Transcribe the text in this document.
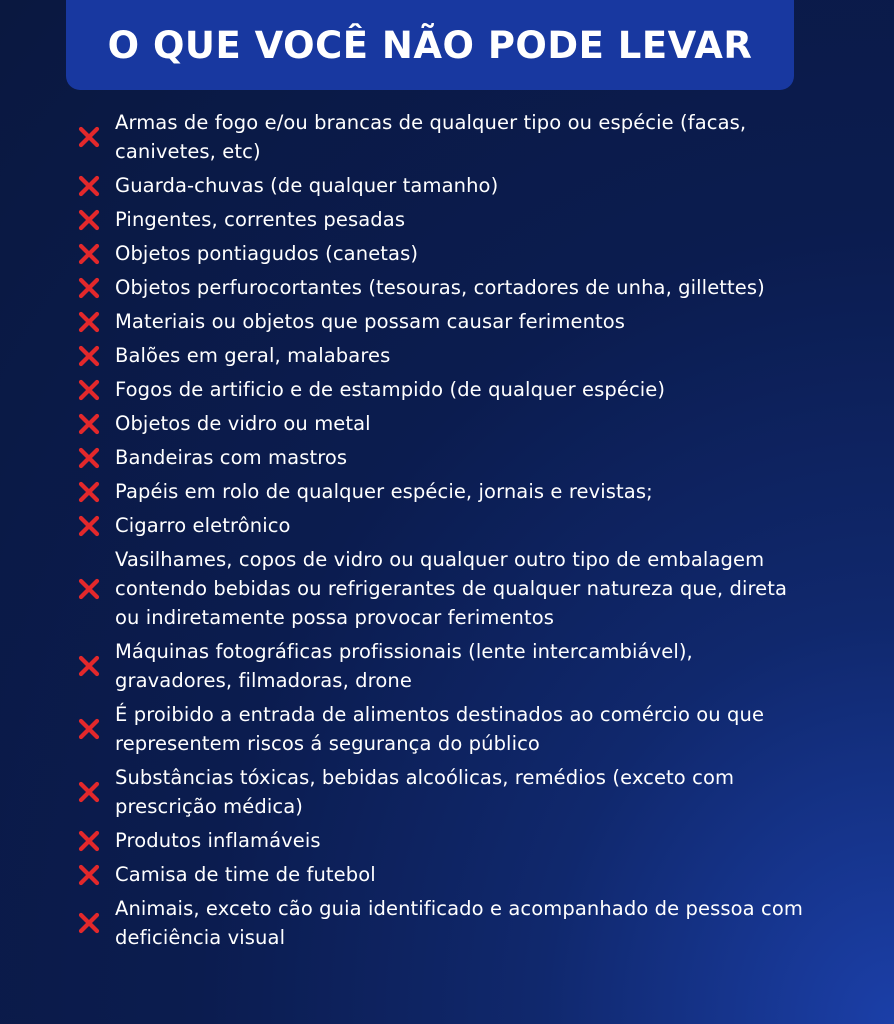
O QUE VOCÊ NÃO PODE LEVAR
Armas de fogo e/ou brancas de qualquer tipo ou espécie (facas, canivetes, etc)
Guarda-chuvas (de qualquer tamanho)
Pingentes, correntes pesadas
Objetos pontiagudos (canetas)
Objetos perfurocortantes (tesouras, cortadores de unha, gillettes)
Materiais ou objetos que possam causar ferimentos
Balões em geral, malabares
Fogos de artificio e de estampido (de qualquer espécie)
Objetos de vidro ou metal
Bandeiras com mastros
Papéis em rolo de qualquer espécie, jornais e revistas;
Cigarro eletrônico
Vasilhames, copos de vidro ou qualquer outro tipo de embalagem contendo bebidas ou refrigerantes de qualquer natureza que, direta ou indiretamente possa provocar ferimentos
Máquinas fotográficas profissionais (lente intercambiável), gravadores, filmadoras, drone
É proibido a entrada de alimentos destinados ao comércio ou que representem riscos á segurança do público
Substâncias tóxicas, bebidas alcoólicas, remédios (exceto com prescrição médica)
Produtos inflamáveis
Camisa de time de futebol
Animais, exceto cão guia identificado e acompanhado de pessoa com deficiência visual
